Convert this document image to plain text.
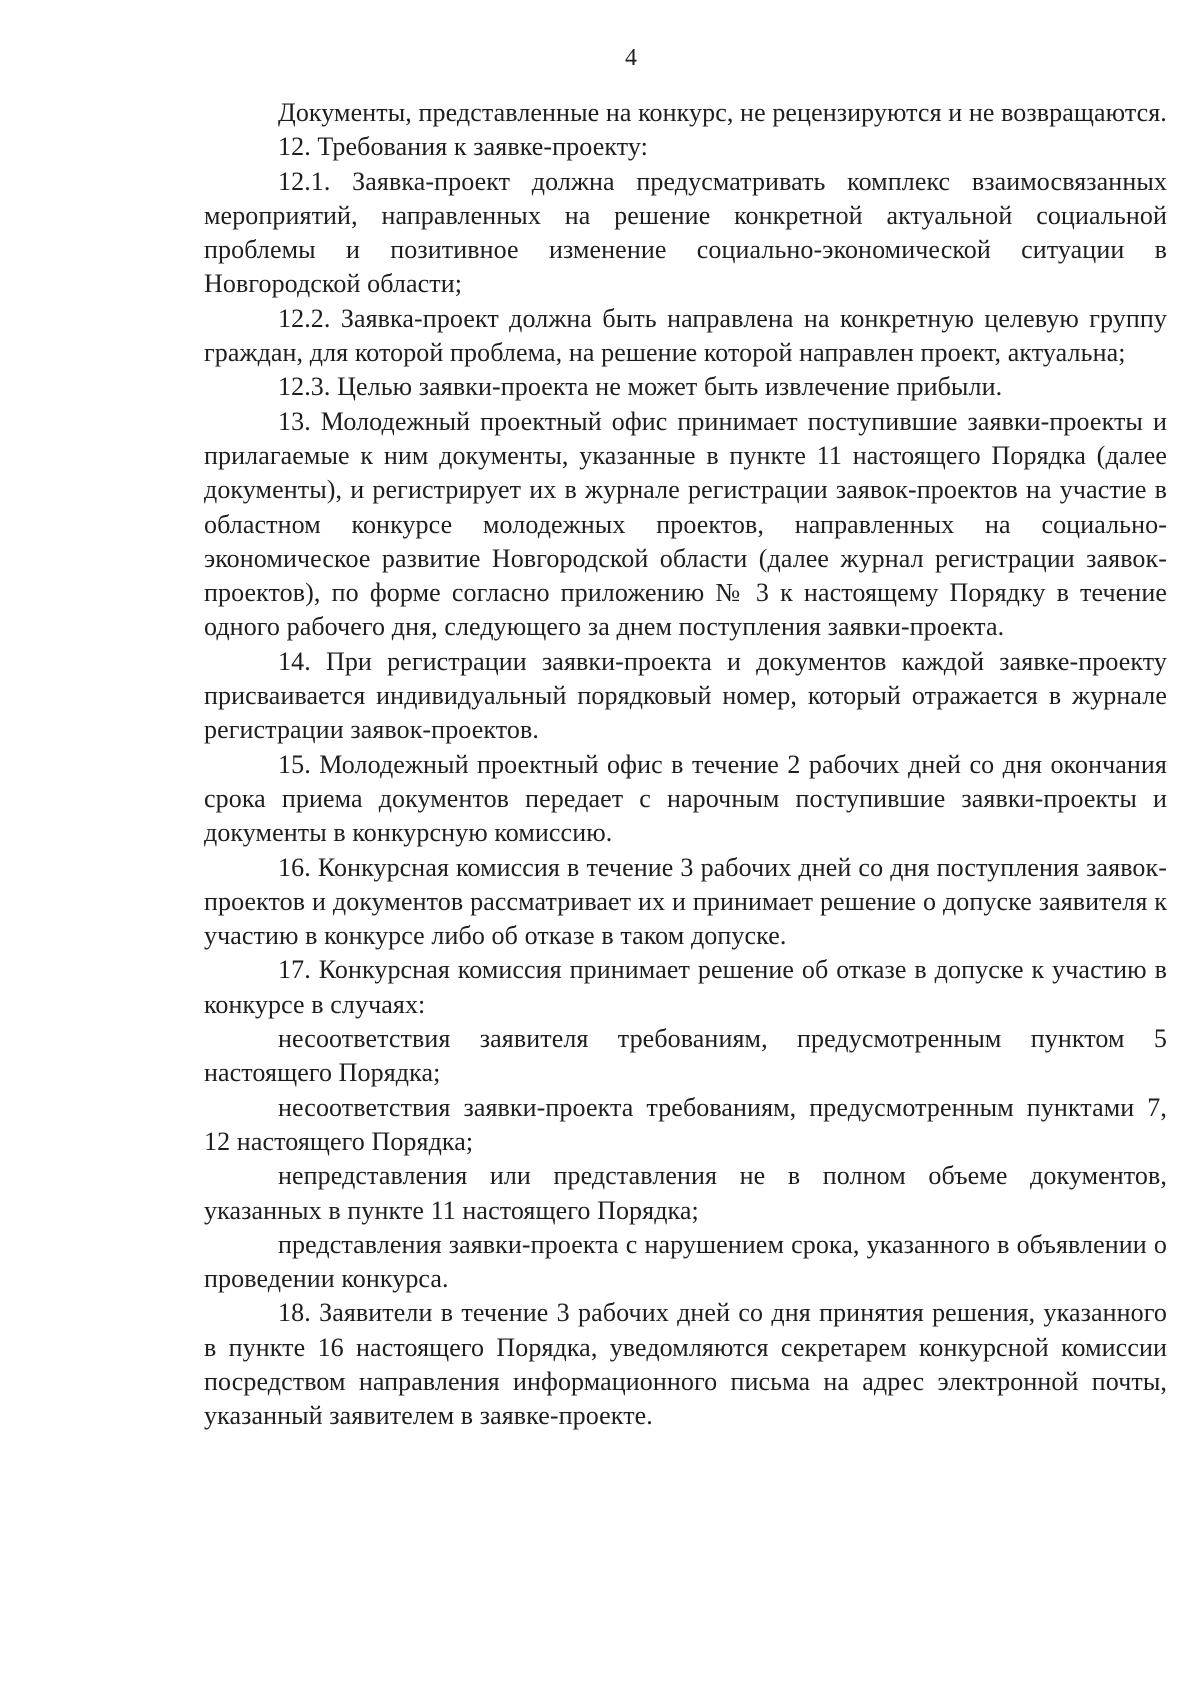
4

Документы, представленные на конкурс, не рецензируются и не возвращаются.

12. Требования к заявке-проекту:

12.1. Заявка-проект должна предусматривать комплекс взаимосвязанных мероприятий, направленных на решение конкретной актуальной социальной проблемы и позитивное изменение социально-экономической ситуации в Новгородской области;

12.2. Заявка-проект должна быть направлена на конкретную целевую группу граждан, для которой проблема, на решение которой направлен проект, актуальна;

12.3. Целью заявки-проекта не может быть извлечение прибыли.

13. Молодежный проектный офис принимает поступившие заявки-проекты и прилагаемые к ним документы, указанные в пункте 11 настоящего Порядка (далее документы), и регистрирует их в журнале регистрации заявок-проектов на участие в областном конкурсе молодежных проектов, направленных на социально-экономическое развитие Новгородской области (далее журнал регистрации заявок-проектов), по форме согласно приложению № 3 к настоящему Порядку в течение одного рабочего дня, следующего за днем поступления заявки-проекта.

14. При регистрации заявки-проекта и документов каждой заявке-проекту присваивается индивидуальный порядковый номер, который отражается в журнале регистрации заявок-проектов.

15. Молодежный проектный офис в течение 2 рабочих дней со дня окончания срока приема документов передает с нарочным поступившие заявки-проекты и документы в конкурсную комиссию.

16. Конкурсная комиссия в течение 3 рабочих дней со дня поступления заявок-проектов и документов рассматривает их и принимает решение о допуске заявителя к участию в конкурсе либо об отказе в таком допуске.

17. Конкурсная комиссия принимает решение об отказе в допуске к участию в конкурсе в случаях:

несоответствия заявителя требованиям, предусмотренным пунктом 5 настоящего Порядка;

несоответствия заявки-проекта требованиям, предусмотренным пунктами 7, 12 настоящего Порядка;

непредставления или представления не в полном объеме документов, указанных в пункте 11 настоящего Порядка;

представления заявки-проекта с нарушением срока, указанного в объявлении о проведении конкурса.

18. Заявители в течение 3 рабочих дней со дня принятия решения, указанного в пункте 16 настоящего Порядка, уведомляются секретарем конкурсной комиссии посредством направления информационного письма на адрес электронной почты, указанный заявителем в заявке-проекте.
